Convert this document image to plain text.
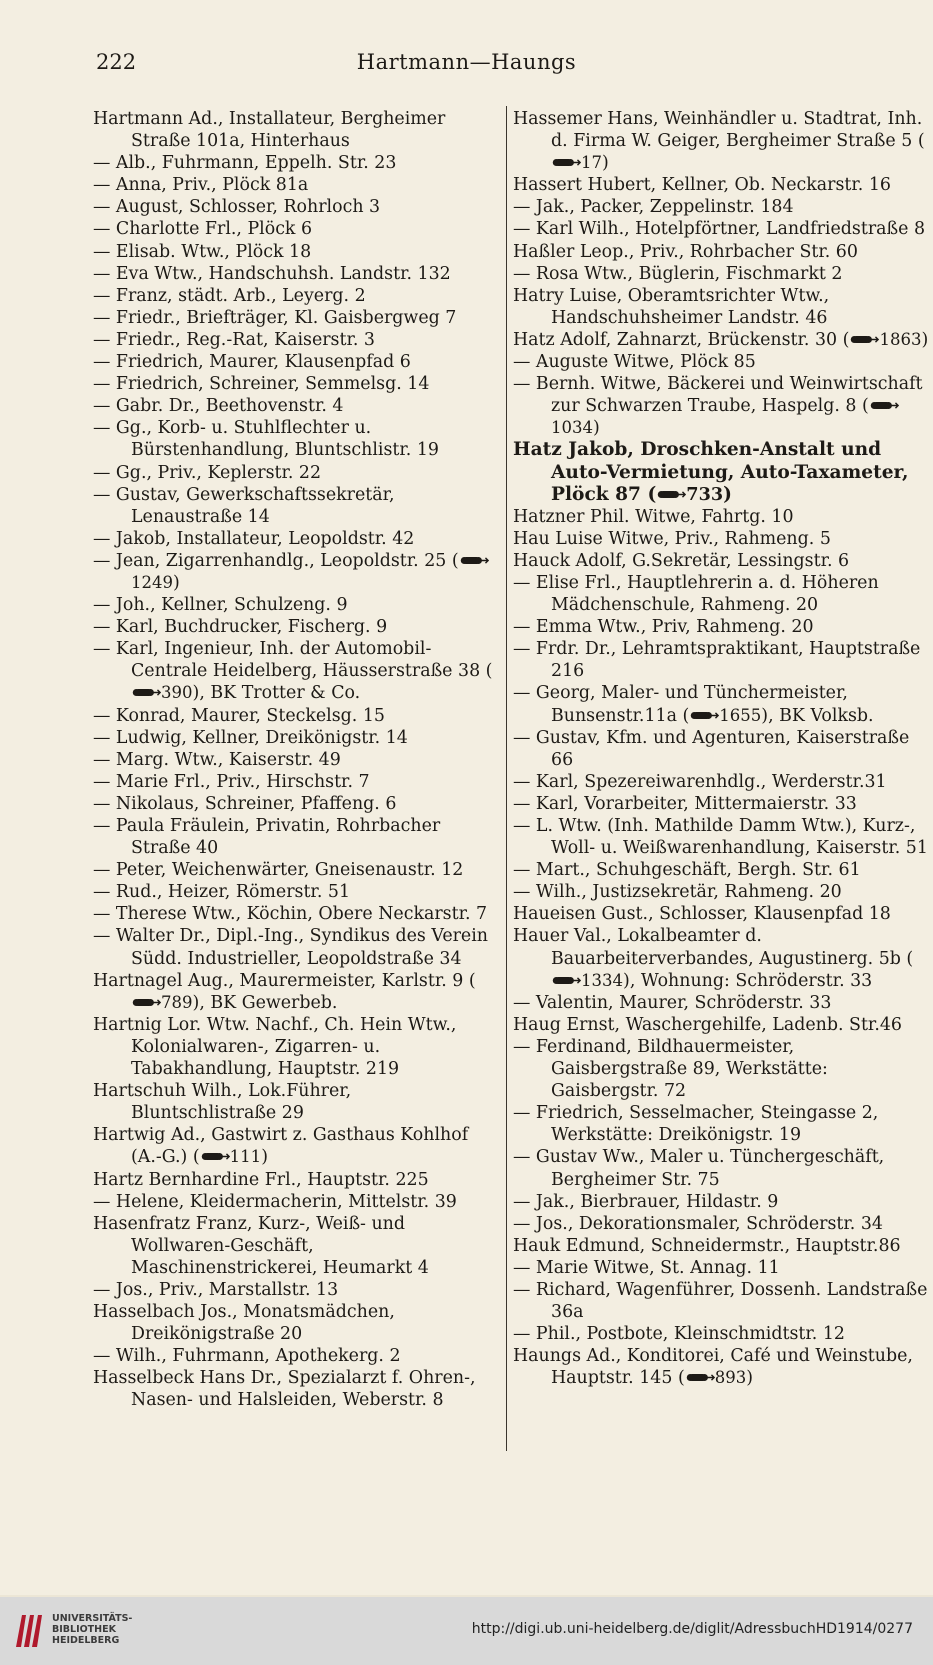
222	Hartmann—Haungs
Hartmann Ad., Installateur, Bergheimer Straße 101a, Hinterhaus
— Alb., Fuhrmann, Eppelh. Str. 23
— Anna, Priv., Plöck 81a
— August, Schlosser, Rohrloch 3
— Charlotte Frl., Plöck 6
— Elisab. Wtw., Plöck 18
— Eva Wtw., Handschuhsh. Landstr. 132
— Franz, städt. Arb., Leyerg. 2
— Friedr., Briefträger, Kl. Gaisbergweg 7
— Friedr., Reg.-Rat, Kaiserstr. 3
— Friedrich, Maurer, Klausenpfad 6
— Friedrich, Schreiner, Semmelsg. 14
— Gabr. Dr., Beethovenstr. 4
— Gg., Korb- u. Stuhlflechter u. Bürstenhandlung, Bluntschlistr. 19
— Gg., Priv., Keplerstr. 22
— Gustav, Gewerkschaftssekretär, Lenaustraße 14
— Jakob, Installateur, Leopoldstr. 42
— Jean, Zigarrenhandlg., Leopoldstr. 25 (1249)
— Joh., Kellner, Schulzeng. 9
— Karl, Buchdrucker, Fischerg. 9
— Karl, Ingenieur, Inh. der Automobil-Centrale Heidelberg, Häusserstraße 38 (390), BK Trotter & Co.
— Konrad, Maurer, Steckelsg. 15
— Ludwig, Kellner, Dreikönigstr. 14
— Marg. Wtw., Kaiserstr. 49
— Marie Frl., Priv., Hirschstr. 7
— Nikolaus, Schreiner, Pfaffeng. 6
— Paula Fräulein, Privatin, Rohrbacher Straße 40
— Peter, Weichenwärter, Gneisenaustr. 12
— Rud., Heizer, Römerstr. 51
— Therese Wtw., Köchin, Obere Neckarstr. 7
— Walter Dr., Dipl.-Ing., Syndikus des Verein Südd. Industrieller, Leopoldstraße 34
Hartnagel Aug., Maurermeister, Karlstr. 9 (789), BK Gewerbeb.
Hartnig Lor. Wtw. Nachf., Ch. Hein Wtw., Kolonialwaren-, Zigarren- u. Tabakhandlung, Hauptstr. 219
Hartschuh Wilh., Lok.Führer, Bluntschlistraße 29
Hartwig Ad., Gastwirt z. Gasthaus Kohlhof (A.-G.) ( 111)
Hartz Bernhardine Frl., Hauptstr. 225
— Helene, Kleidermacherin, Mittelstr. 39
Hasenfratz Franz, Kurz-, Weiß- und Wollwaren-Geschäft, Maschinenstrickerei, Heumarkt 4
— Jos., Priv., Marstallstr. 13
Hasselbach Jos., Monatsmädchen, Dreikönigstraße 20
— Wilh., Fuhrmann, Apothekerg. 2
Hasselbeck Hans Dr., Spezialarzt f. Ohren-, Nasen- und Halsleiden, Weberstr. 8
Hassemer Hans, Weinhändler u. Stadtrat, Inh. d. Firma W. Geiger, Bergheimer Straße 5 (17)
Hassert Hubert, Kellner, Ob. Neckarstr. 16
— Jak., Packer, Zeppelinstr. 184
— Karl Wilh., Hotelpförtner, Landfriedstraße 8
Haßler Leop., Priv., Rohrbacher Str. 60
— Rosa Wtw., Büglerin, Fischmarkt 2
Hatry Luise, Oberamtsrichter Wtw., Handschuhsheimer Landstr. 46
Hatz Adolf, Zahnarzt, Brückenstr. 30 ( 1863)
— Auguste Witwe, Plöck 85
— Bernh. Witwe, Bäckerei und Weinwirtschaft zur Schwarzen Traube, Haspelg. 8 (1034)
Hatz Jakob, Droschken-Anstalt und Auto-Vermietung, Auto-Taxameter, Plöck 87 ( 733)
Hatzner Phil. Witwe, Fahrtg. 10
Hau Luise Witwe, Priv., Rahmeng. 5
Hauck Adolf, G.Sekretär, Lessingstr. 6
— Elise Frl., Hauptlehrerin a. d. Höheren Mädchenschule, Rahmeng. 20
— Emma Wtw., Priv, Rahmeng. 20
— Frdr. Dr., Lehramtspraktikant, Hauptstraße 216
— Georg, Maler- und Tünchermeister, Bunsenstr.11a ( 1655), BK Volksb.
— Gustav, Kfm. und Agenturen, Kaiserstraße 66
— Karl, Spezereiwarenhdlg., Werderstr.31
— Karl, Vorarbeiter, Mittermaierstr. 33
— L. Wtw. (Inh. Mathilde Damm Wtw.), Kurz-, Woll- u. Weißwarenhandlung, Kaiserstr. 51
— Mart., Schuhgeschäft, Bergh. Str. 61
— Wilh., Justizsekretär, Rahmeng. 20
Haueisen Gust., Schlosser, Klausenpfad 18
Hauer Val., Lokalbeamter d. Bauarbeiterverbandes, Augustinerg. 5b (1334), Wohnung: Schröderstr. 33
— Valentin, Maurer, Schröderstr. 33
Haug Ernst, Waschergehilfe, Ladenb. Str.46
— Ferdinand, Bildhauermeister, Gaisbergstraße 89, Werkstätte: Gaisbergstr. 72
— Friedrich, Sesselmacher, Steingasse 2, Werkstätte: Dreikönigstr. 19
— Gustav Ww., Maler u. Tünchergeschäft, Bergheimer Str. 75
— Jak., Bierbrauer, Hildastr. 9
— Jos., Dekorationsmaler, Schröderstr. 34
Hauk Edmund, Schneidermstr., Hauptstr.86
— Marie Witwe, St. Annag. 11
— Richard, Wagenführer, Dossenh. Landstraße 36a
— Phil., Postbote, Kleinschmidtstr. 12
Haungs Ad., Konditorei, Café und Weinstube, Hauptstr. 145 ( 893)
UNIVERSITÄTS-
BIBLIOTHEK
HEIDELBERG
http://digi.ub.uni-heidelberg.de/diglit/AdressbuchHD1914/0277
